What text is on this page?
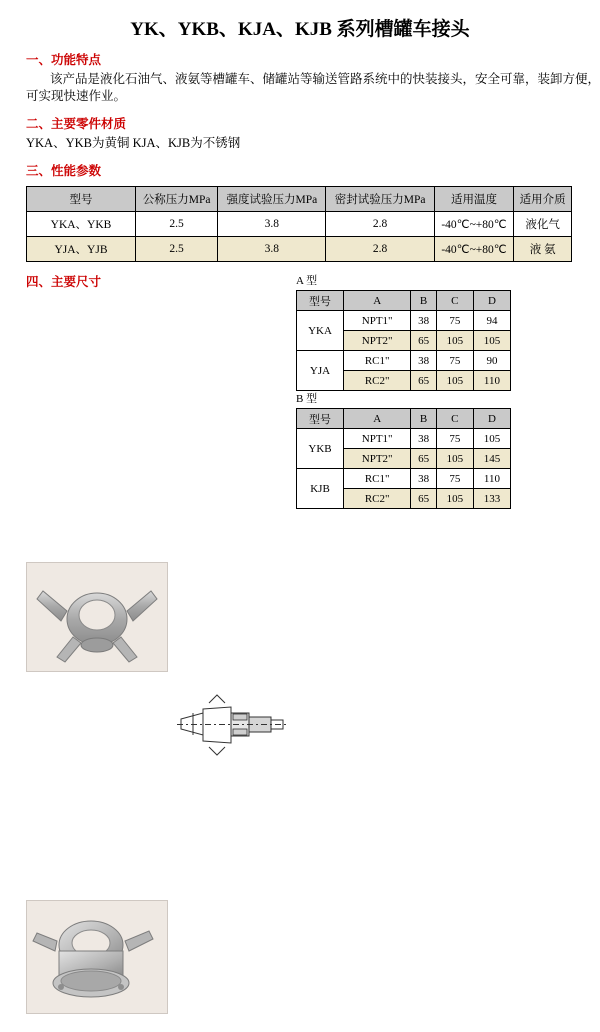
YK、YKB、KJA、KJB 系列槽罐车接头
一、功能特点
该产品是液化石油气、液氨等槽罐车、储罐站等输送管路系统中的快装接头，安全可靠，装卸方便，可实现快速作业。
二、主要零件材质
YKA、YKB为黄铜 KJA、KJB为不锈钢
三、性能参数
型号	公称压力MPa	强度试验压力MPa	密封试验压力MPa	适用温度	适用介质
YKA、YKB	2.5	3.8	2.8	-40℃~+80℃	液化气
YJA、YJB	2.5	3.8	2.8	-40℃~+80℃	液 氨
四、主要尺寸	A 型
型号	A	B	C	D
YKA	NPT1"	38	75	94
	NPT2"	65	105	105
YJA	RC1"	38	75	90
	RC2"	65	105	110
B 型
型号	A	B	C	D
YKB	NPT1"	38	75	105
	NPT2"	65	105	145
KJB	RC1"	38	75	110
	RC2"	65	105	133
